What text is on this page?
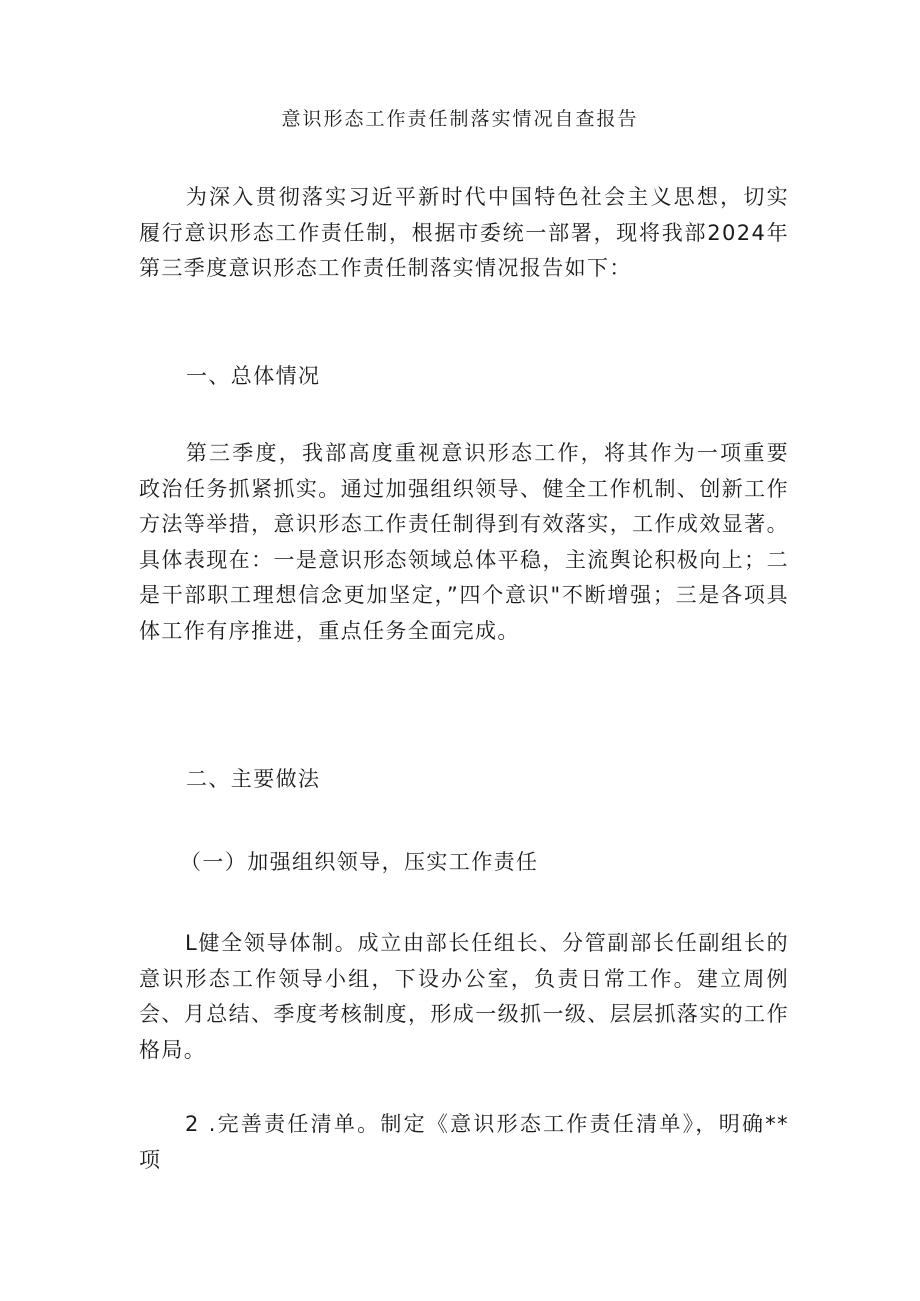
意识形态工作责任制落实情况自查报告

为深入贯彻落实习近平新时代中国特色社会主义思想，切实履行意识形态工作责任制，根据市委统一部署，现将我部2024年第三季度意识形态工作责任制落实情况报告如下：

一、总体情况

第三季度，我部高度重视意识形态工作，将其作为一项重要政治任务抓紧抓实。通过加强组织领导、健全工作机制、创新工作方法等举措，意识形态工作责任制得到有效落实，工作成效显著。具体表现在：一是意识形态领域总体平稳，主流舆论积极向上；二是干部职工理想信念更加坚定，”四个意识"不断增强；三是各项具体工作有序推进，重点任务全面完成。

二、主要做法

（一）加强组织领导，压实工作责任

L健全领导体制。成立由部长任组长、分管副部长任副组长的意识形态工作领导小组，下设办公室，负责日常工作。建立周例会、月总结、季度考核制度，形成一级抓一级、层层抓落实的工作格局。

2 .完善责任清单。制定《意识形态工作责任清单》，明确**项
